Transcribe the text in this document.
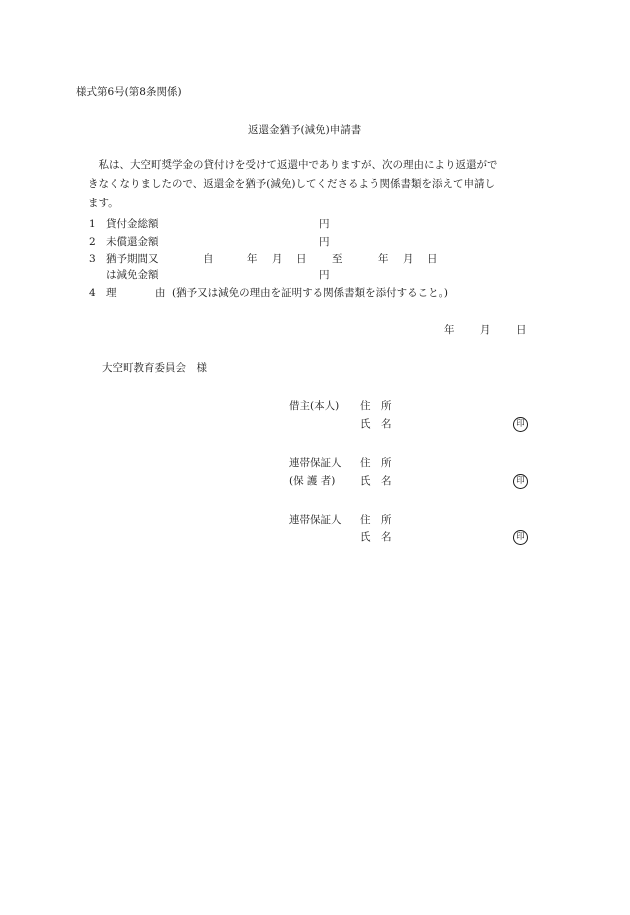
様式第6号(第8条関係)
返還金猶予(減免)申請書
　私は、大空町奨学金の貸付けを受けて返還中でありますが、次の理由により返還がで
きなくなりましたので、返還金を猶予(減免)してくださるよう関係書類を添えて申請し
ます。
1 貸付金総額	円
2 未償還金額	円
3 猶予期間又	自	年 月 日 至	年 月 日
は減免金額	円
4 理	由 (猶予又は減免の理由を証明する関係書類を添付すること。)
年 月 日
大空町教育委員会　様
借主(本人) 住　所
氏　名	印
連帯保証人 住　所
(保 護 者) 氏　名	印
連帯保証人 住　所
氏　名	印
